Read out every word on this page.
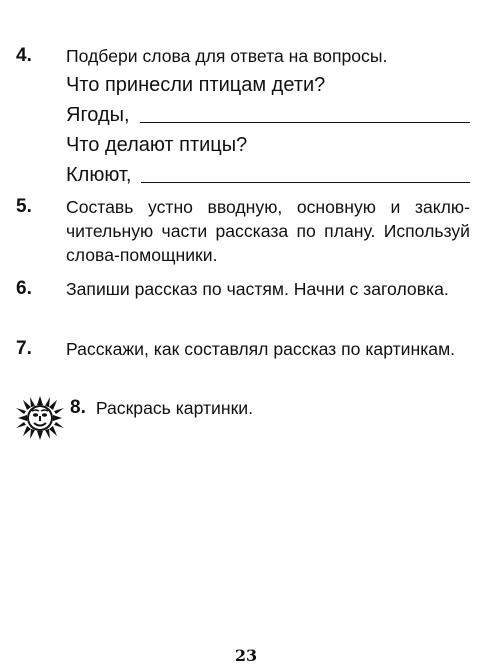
4. Подбери слова для ответа на вопросы.
Что принесли птицам дети?
Ягоды,
Что делают птицы?
Клюют,
5. Составь устно вводную, основную и заключительную части рассказа по плану. Используй слова-помощники.
6. Запиши рассказ по частям. Начни с заголовка.
7. Расскажи, как составлял рассказ по картинкам.
8. Раскрась картинки.
23
